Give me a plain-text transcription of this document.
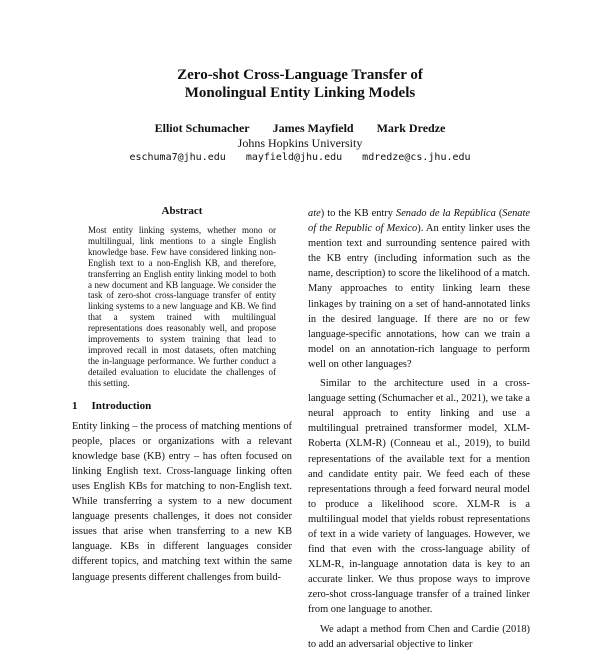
Zero-shot Cross-Language Transfer of
Monolingual Entity Linking Models
Elliot Schumacher James Mayfield Mark Dredze
Johns Hopkins University
eschuma7@jhu.edu mayfield@jhu.edu mdredze@cs.jhu.edu
Abstract

Most entity linking systems, whether mono or multilingual, link mentions to a single English knowledge base. Few have considered linking non-English text to a non-English KB, and therefore, transferring an English entity linking model to both a new document and KB language. We consider the task of zero-shot cross-language transfer of entity linking systems to a new language and KB. We find that a system trained with multilingual representations does reasonably well, and propose improvements to system training that lead to improved recall in most datasets, often matching the in-language performance. We further conduct a detailed evaluation to elucidate the challenges of this setting.

1 Introduction

Entity linking – the process of matching mentions of people, places or organizations with a relevant knowledge base (KB) entry – has often focused on linking English text. Cross-language linking often uses English KBs for matching to non-English text. While transferring a system to a new document language presents challenges, it does not consider issues that arise when transferring to a new KB language. KBs in different languages consider different topics, and matching text within the same language presents different challenges from build-

ate) to the KB entry Senado de la República (Senate of the Republic of Mexico). An entity linker uses the mention text and surrounding sentence paired with the KB entry (including information such as the name, description) to score the likelihood of a match. Many approaches to entity linking learn these linkages by training on a set of hand-annotated links in the desired language. If there are no or few language-specific annotations, how can we train a model on an annotation-rich language to perform well on other languages?

Similar to the architecture used in a cross-language setting (Schumacher et al., 2021), we take a neural approach to entity linking and use a multilingual pretrained transformer model, XLM-Roberta (XLM-R) (Conneau et al., 2019), to build representations of the available text for a mention and candidate entity pair. We feed each of these representations through a feed forward neural model to produce a likelihood score. XLM-R is a multilingual model that yields robust representations of text in a wide variety of languages. However, we find that even with the cross-language ability of XLM-R, in-language annotation data is key to an accurate linker. We thus propose ways to improve zero-shot cross-language transfer of a trained linker from one language to another.

We adapt a method from Chen and Cardie (2018) to add an adversarial objective to linker
